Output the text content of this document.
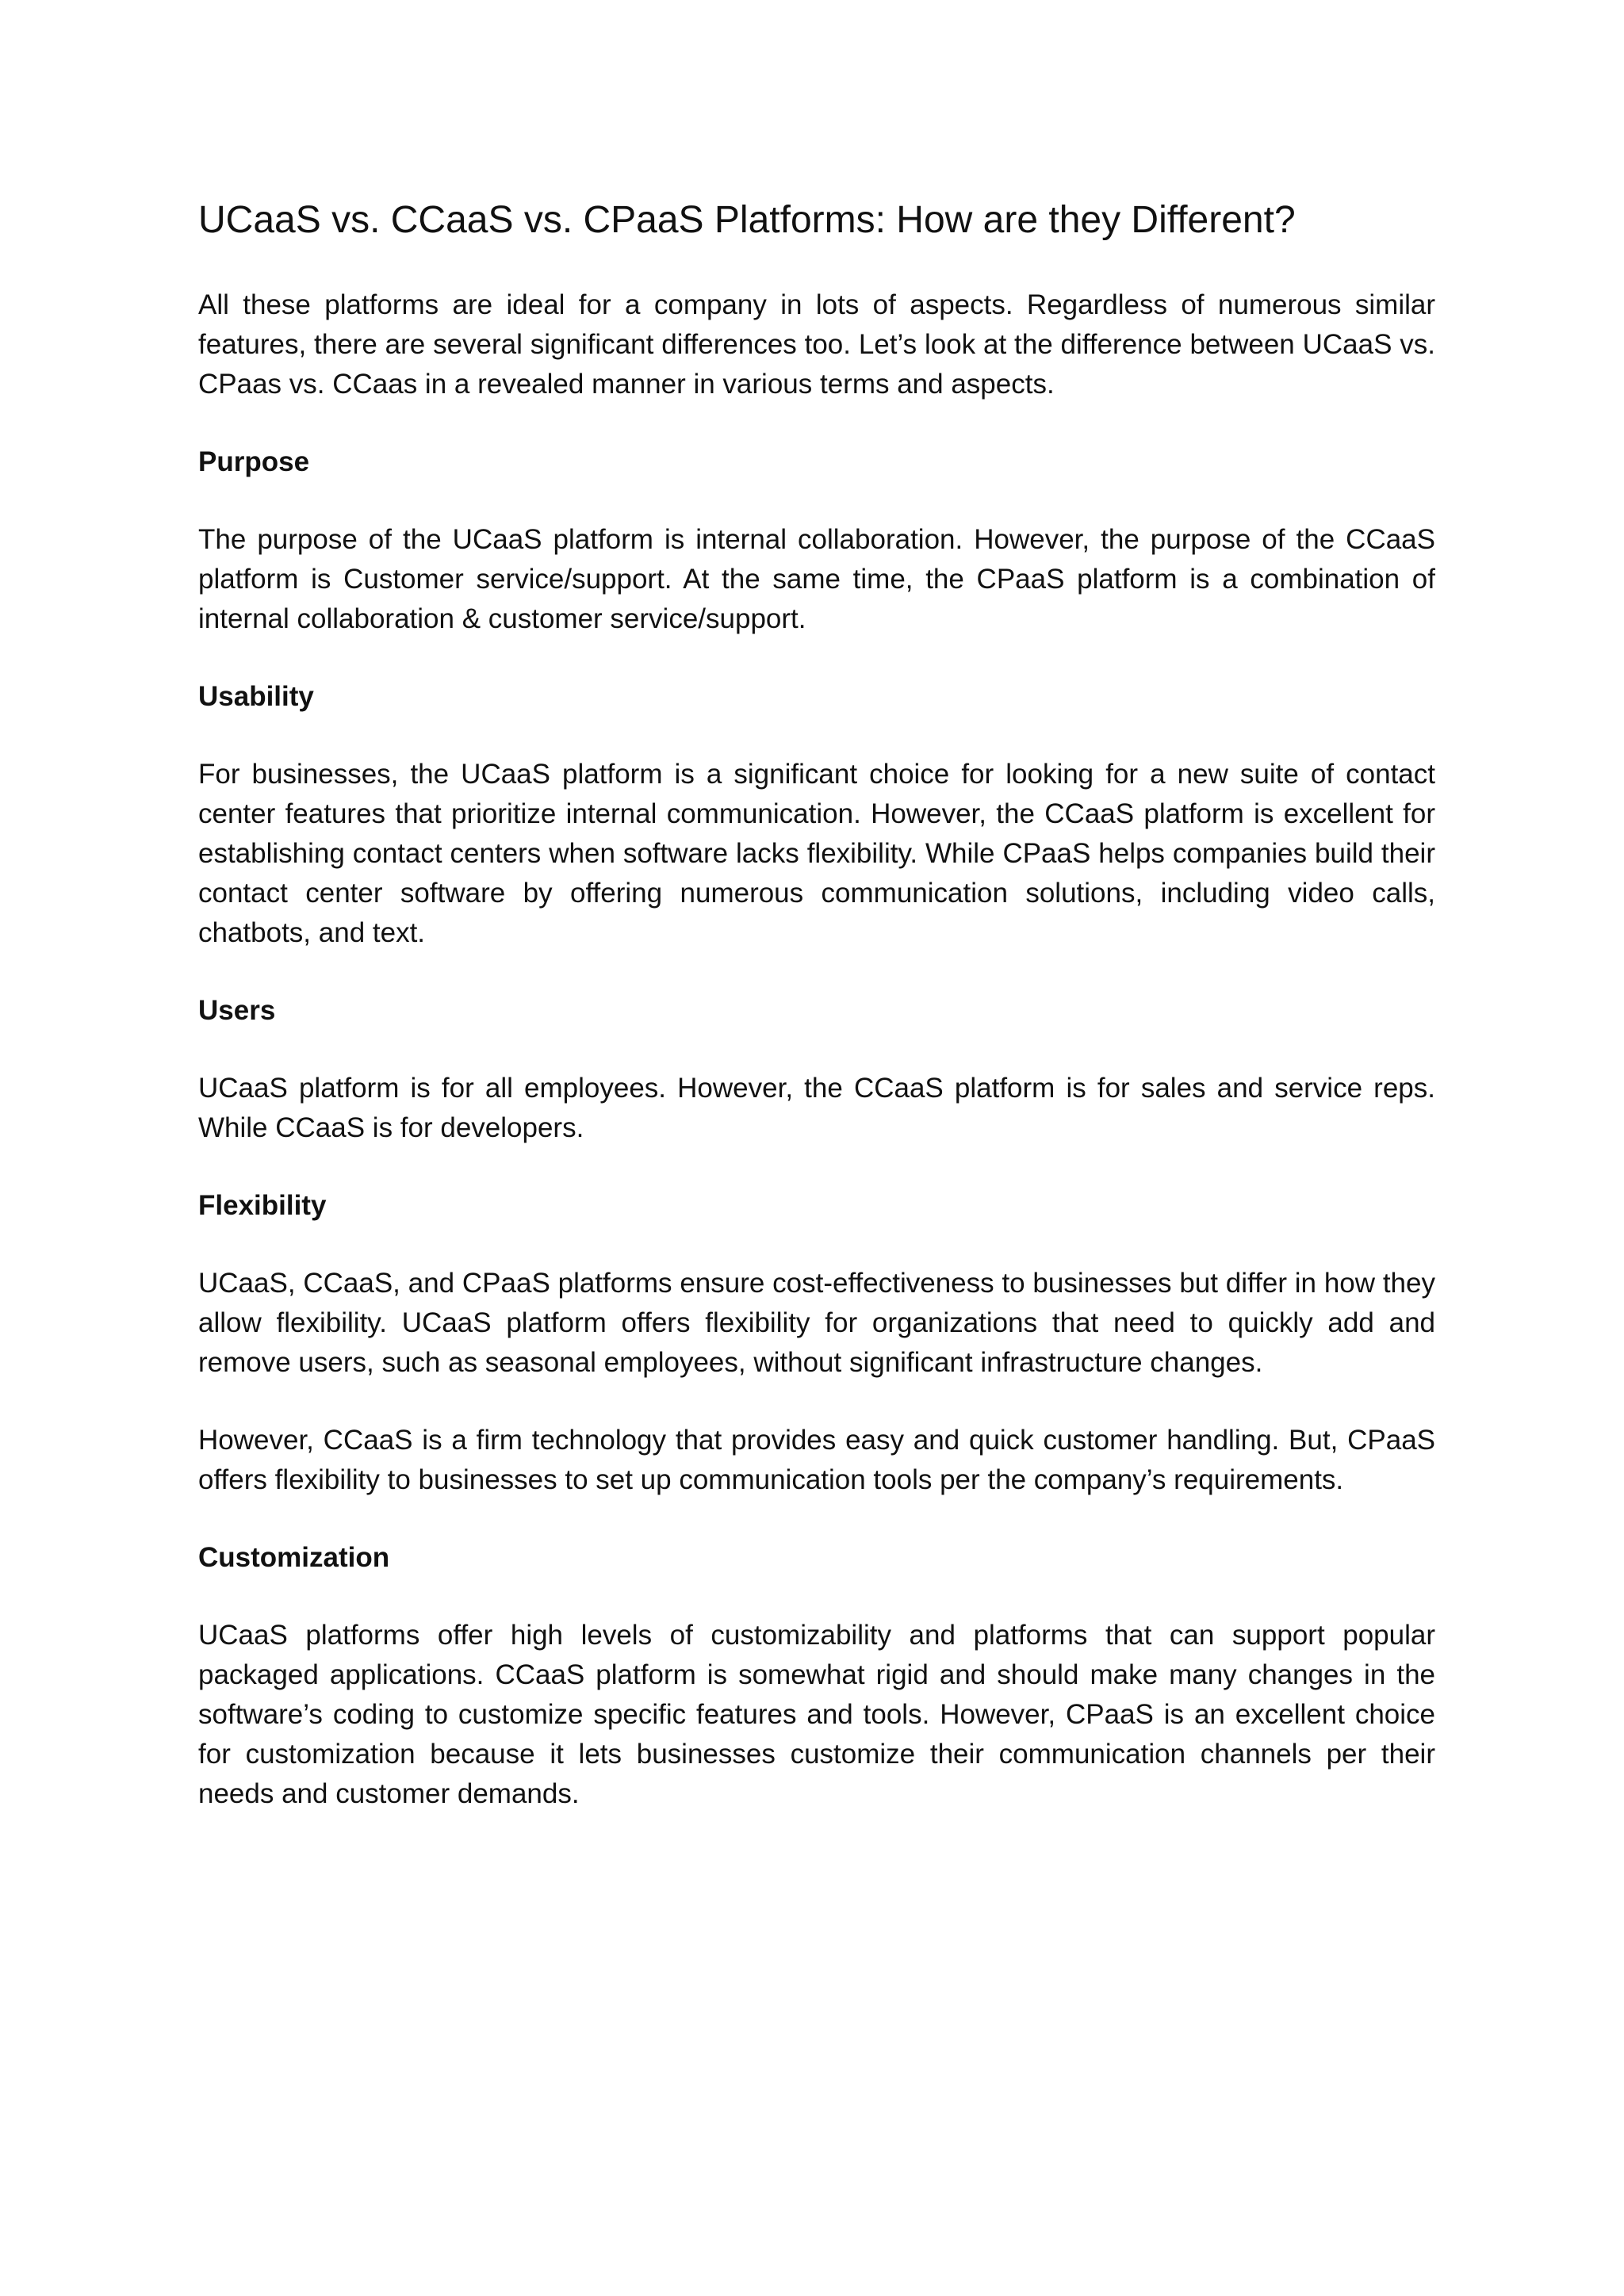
UCaaS vs. CCaaS vs. CPaaS Platforms: How are they Different?

All these platforms are ideal for a company in lots of aspects. Regardless of numerous similar features, there are several significant differences too. Let’s look at the difference between UCaaS vs. CPaas vs. CCaas in a revealed manner in various terms and aspects.

Purpose

The purpose of the UCaaS platform is internal collaboration. However, the purpose of the CCaaS platform is Customer service/support. At the same time, the CPaaS platform is a combination of internal collaboration & customer service/support.

Usability

For businesses, the UCaaS platform is a significant choice for looking for a new suite of contact center features that prioritize internal communication. However, the CCaaS platform is excellent for establishing contact centers when software lacks flexibility. While CPaaS helps companies build their contact center software by offering numerous communication solutions, including video calls, chatbots, and text.

Users

UCaaS platform is for all employees. However, the CCaaS platform is for sales and service reps. While CCaaS is for developers.

Flexibility

UCaaS, CCaaS, and CPaaS platforms ensure cost-effectiveness to businesses but differ in how they allow flexibility. UCaaS platform offers flexibility for organizations that need to quickly add and remove users, such as seasonal employees, without significant infrastructure changes.

However, CCaaS is a firm technology that provides easy and quick customer handling. But, CPaaS offers flexibility to businesses to set up communication tools per the company’s requirements.

Customization

UCaaS platforms offer high levels of customizability and platforms that can support popular packaged applications. CCaaS platform is somewhat rigid and should make many changes in the software’s coding to customize specific features and tools. However, CPaaS is an excellent choice for customization because it lets businesses customize their communication channels per their needs and customer demands.
